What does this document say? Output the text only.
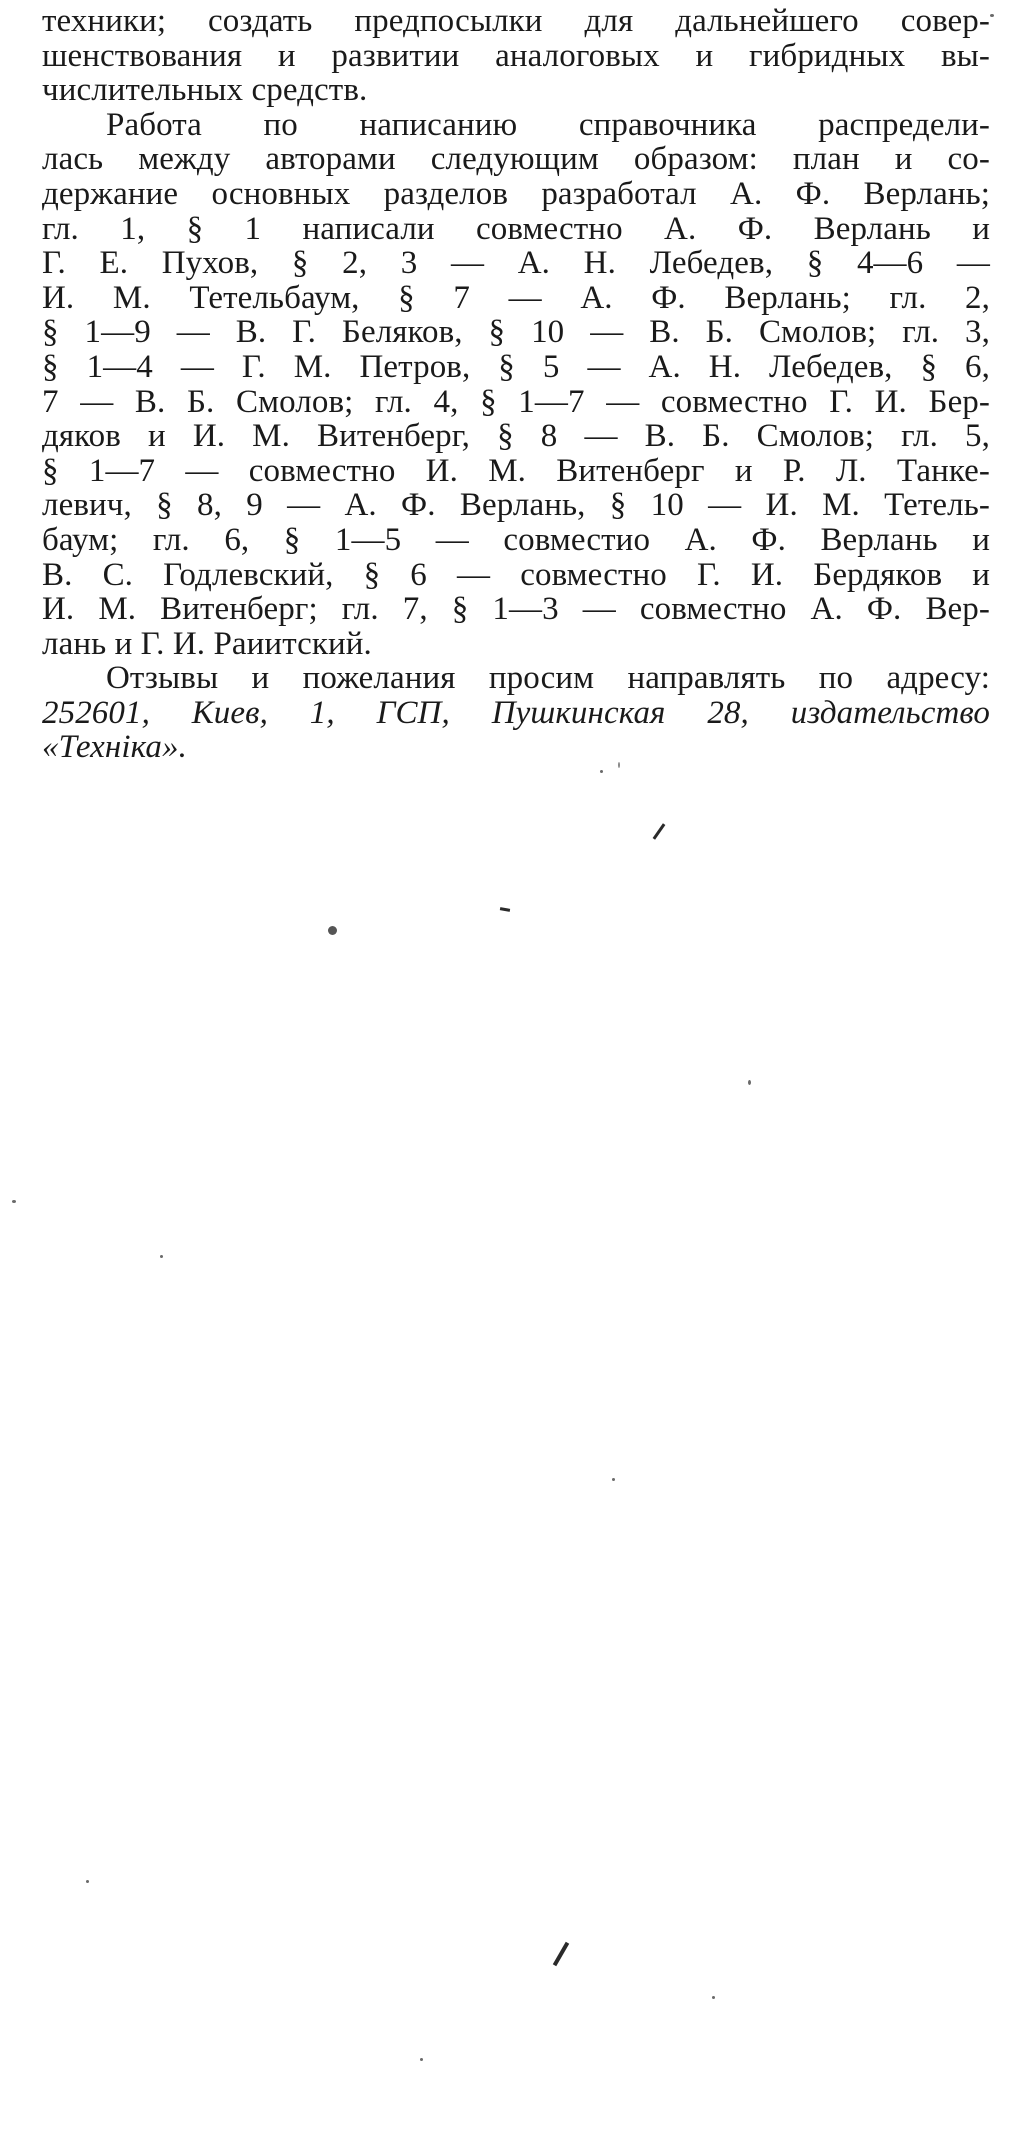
техники; создать предпосылки для дальнейшего совер-
шенствования и развитии аналоговых и гибридных вы-
числительных средств.
Работа по написанию справочника распредели-
лась между авторами следующим образом: план и со-
держание основных разделов разработал А. Ф. Верлань;
гл. 1, § 1 написали совместно А. Ф. Верлань и
Г. Е. Пухов, § 2, 3 — А. Н. Лебедев, § 4—6 —
И. М. Тетельбаум, § 7 — А. Ф. Верлань; гл. 2,
§ 1—9 — В. Г. Беляков, § 10 — В. Б. Смолов; гл. 3,
§ 1—4 — Г. М. Петров, § 5 — А. Н. Лебедев, § 6,
7 — В. Б. Смолов; гл. 4, § 1—7 — совместно Г. И. Бер-
дяков и И. М. Витенберг, § 8 — В. Б. Смолов; гл. 5,
§ 1—7 — совместно И. М. Витенберг и Р. Л. Танке-
левич, § 8, 9 — А. Ф. Верлань, § 10 — И. М. Тетель-
баум; гл. 6, § 1—5 — совместио А. Ф. Верлань и
В. С. Годлевский, § 6 — совместно Г. И. Бердяков и
И. М. Витенберг; гл. 7, § 1—3 — совместно А. Ф. Вер-
лань и Г. И. Раиитский.
Отзывы и пожелания просим направлять по адресу:
252601, Киев, 1, ГСП, Пушкинская 28, издательство
«Техніка».
